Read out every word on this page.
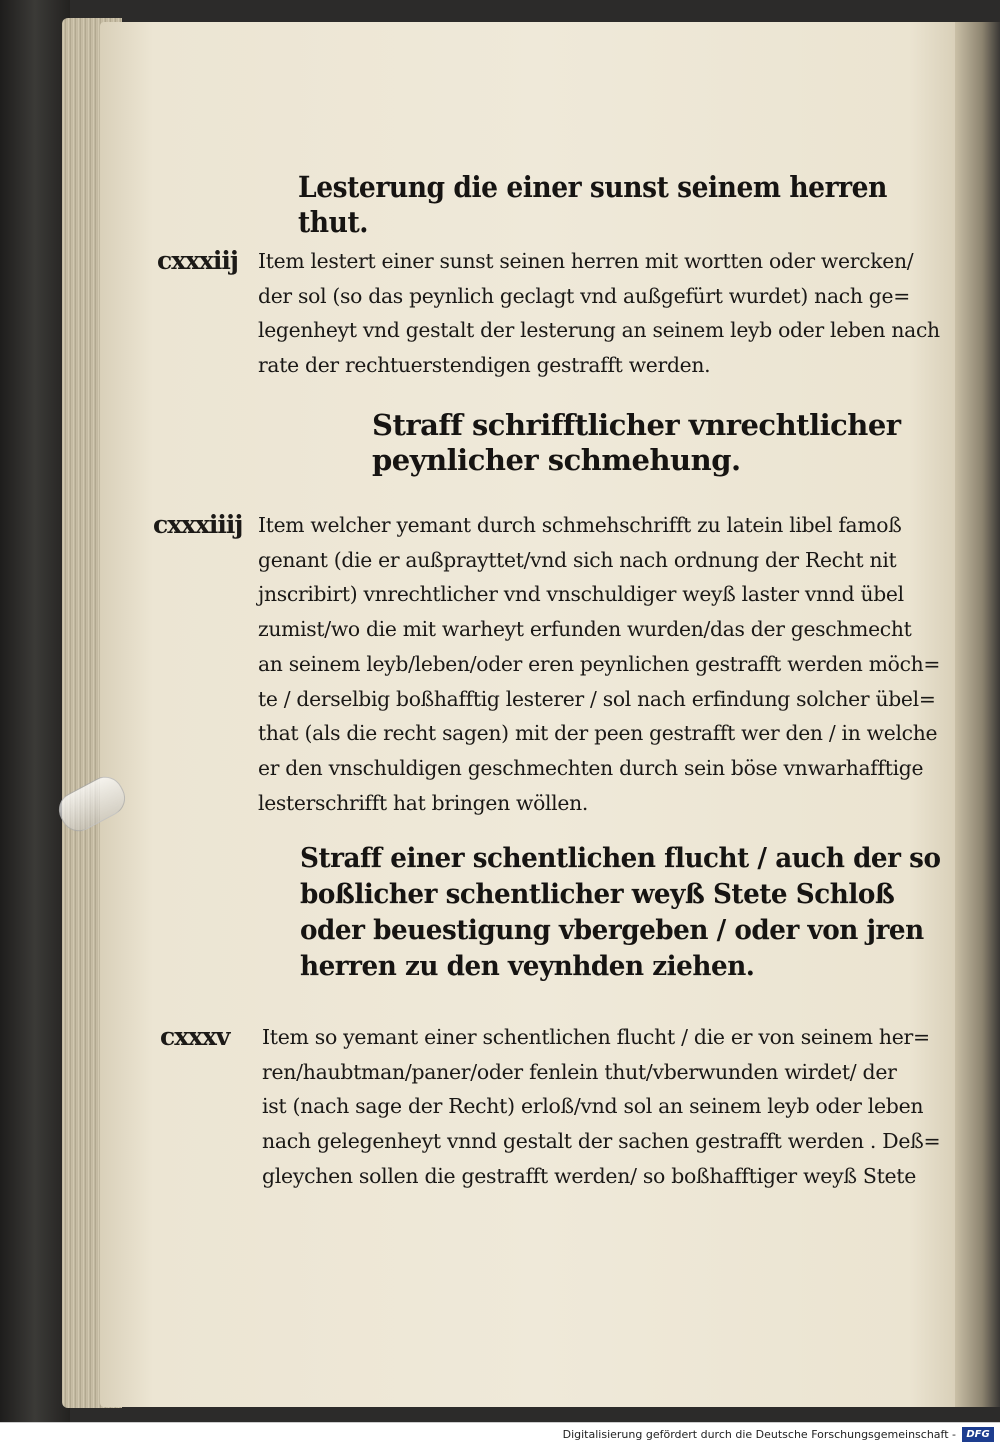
Lesterung die einer sunst seinem herren thut.
cxxxiij Item lestert einer sunst seinen herren mit wortten oder wercken/
der sol (so das peynlich geclagt vnd außgefürt wurdet) nach ge=
legenheyt vnd gestalt der lesterung an seinem leyb oder leben nach
rate der rechtuerstendigen gestrafft werden.
Straff schrifftlicher vnrechtlicher
peynlicher schmehung.
cxxxiiij Item welcher yemant durch schmehschrifft zu latein libel famoß
genant (die er außprayttet/vnd sich nach ordnung der Recht nit
jnscribirt) vnrechtlicher vnd vnschuldiger weyß laster vnnd übel
zumist/wo die mit warheyt erfunden wurden/das der geschmecht
an seinem leyb/leben/oder eren peynlichen gestrafft werden möch=
te / derselbig boßhafftig lesterer / sol nach erfindung solcher übel=
that (als die recht sagen) mit der peen gestrafft wer den / in welche
er den vnschuldigen geschmechten durch sein böse vnwarhafftige
lesterschrifft hat bringen wöllen.
Straff einer schentlichen flucht / auch der so
boßlicher schentlicher weyß Stete Schloß
oder beuestigung vbergeben / oder von jren
herren zu den veynhden ziehen.
cxxxv Item so yemant einer schentlichen flucht / die er von seinem her=
ren/haubtman/paner/oder fenlein thut/vberwunden wirdet/ der
ist (nach sage der Recht) erloß/vnd sol an seinem leyb oder leben
nach gelegenheyt vnnd gestalt der sachen gestrafft werden . Deß=
gleychen sollen die gestrafft werden/ so boßhafftiger weyß Stete
Digitalisierung gefördert durch die Deutsche Forschungsgemeinschaft -	DFG
